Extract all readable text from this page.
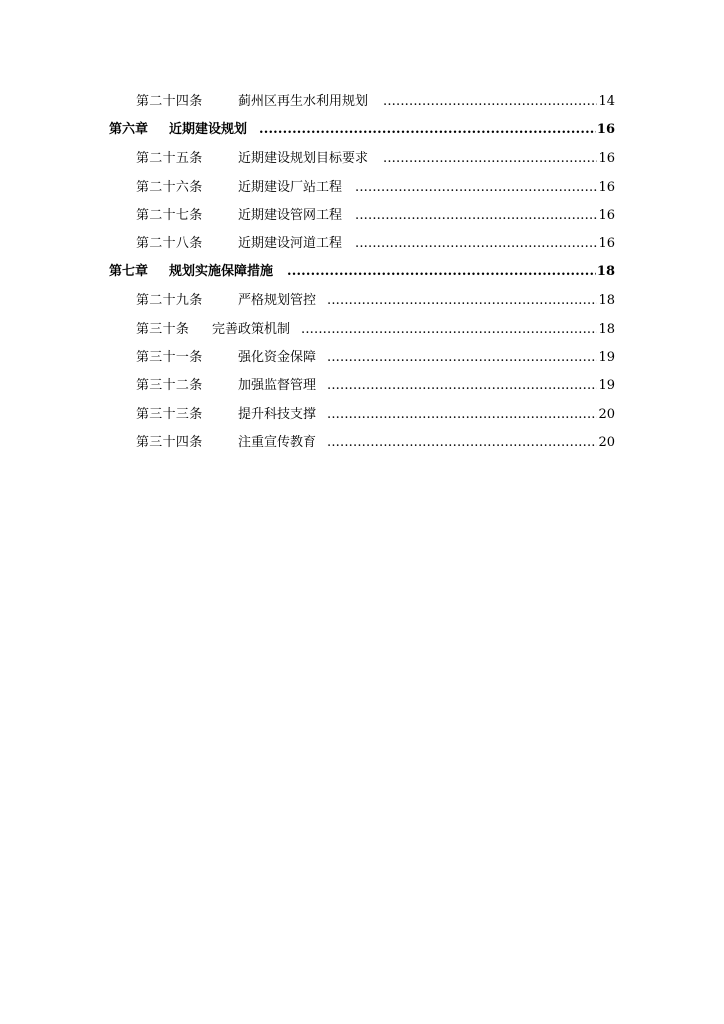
第二十四条	蓟州区再生水利用规划 .....	14
第六章 近期建设规划 .....	16
第二十五条	近期建设规划目标要求 .....	16
第二十六条	近期建设厂站工程 .....	16
第二十七条	近期建设管网工程 .....	16
第二十八条	近期建设河道工程 .....	16
第七章 规划实施保障措施 .....	18
第二十九条	严格规划管控 .....	18
第三十条 完善政策机制 .....	18
第三十一条	强化资金保障 .....	19
第三十二条	加强监督管理 .....	19
第三十三条	提升科技支撑 .....	20
第三十四条	注重宣传教育 .....	20
